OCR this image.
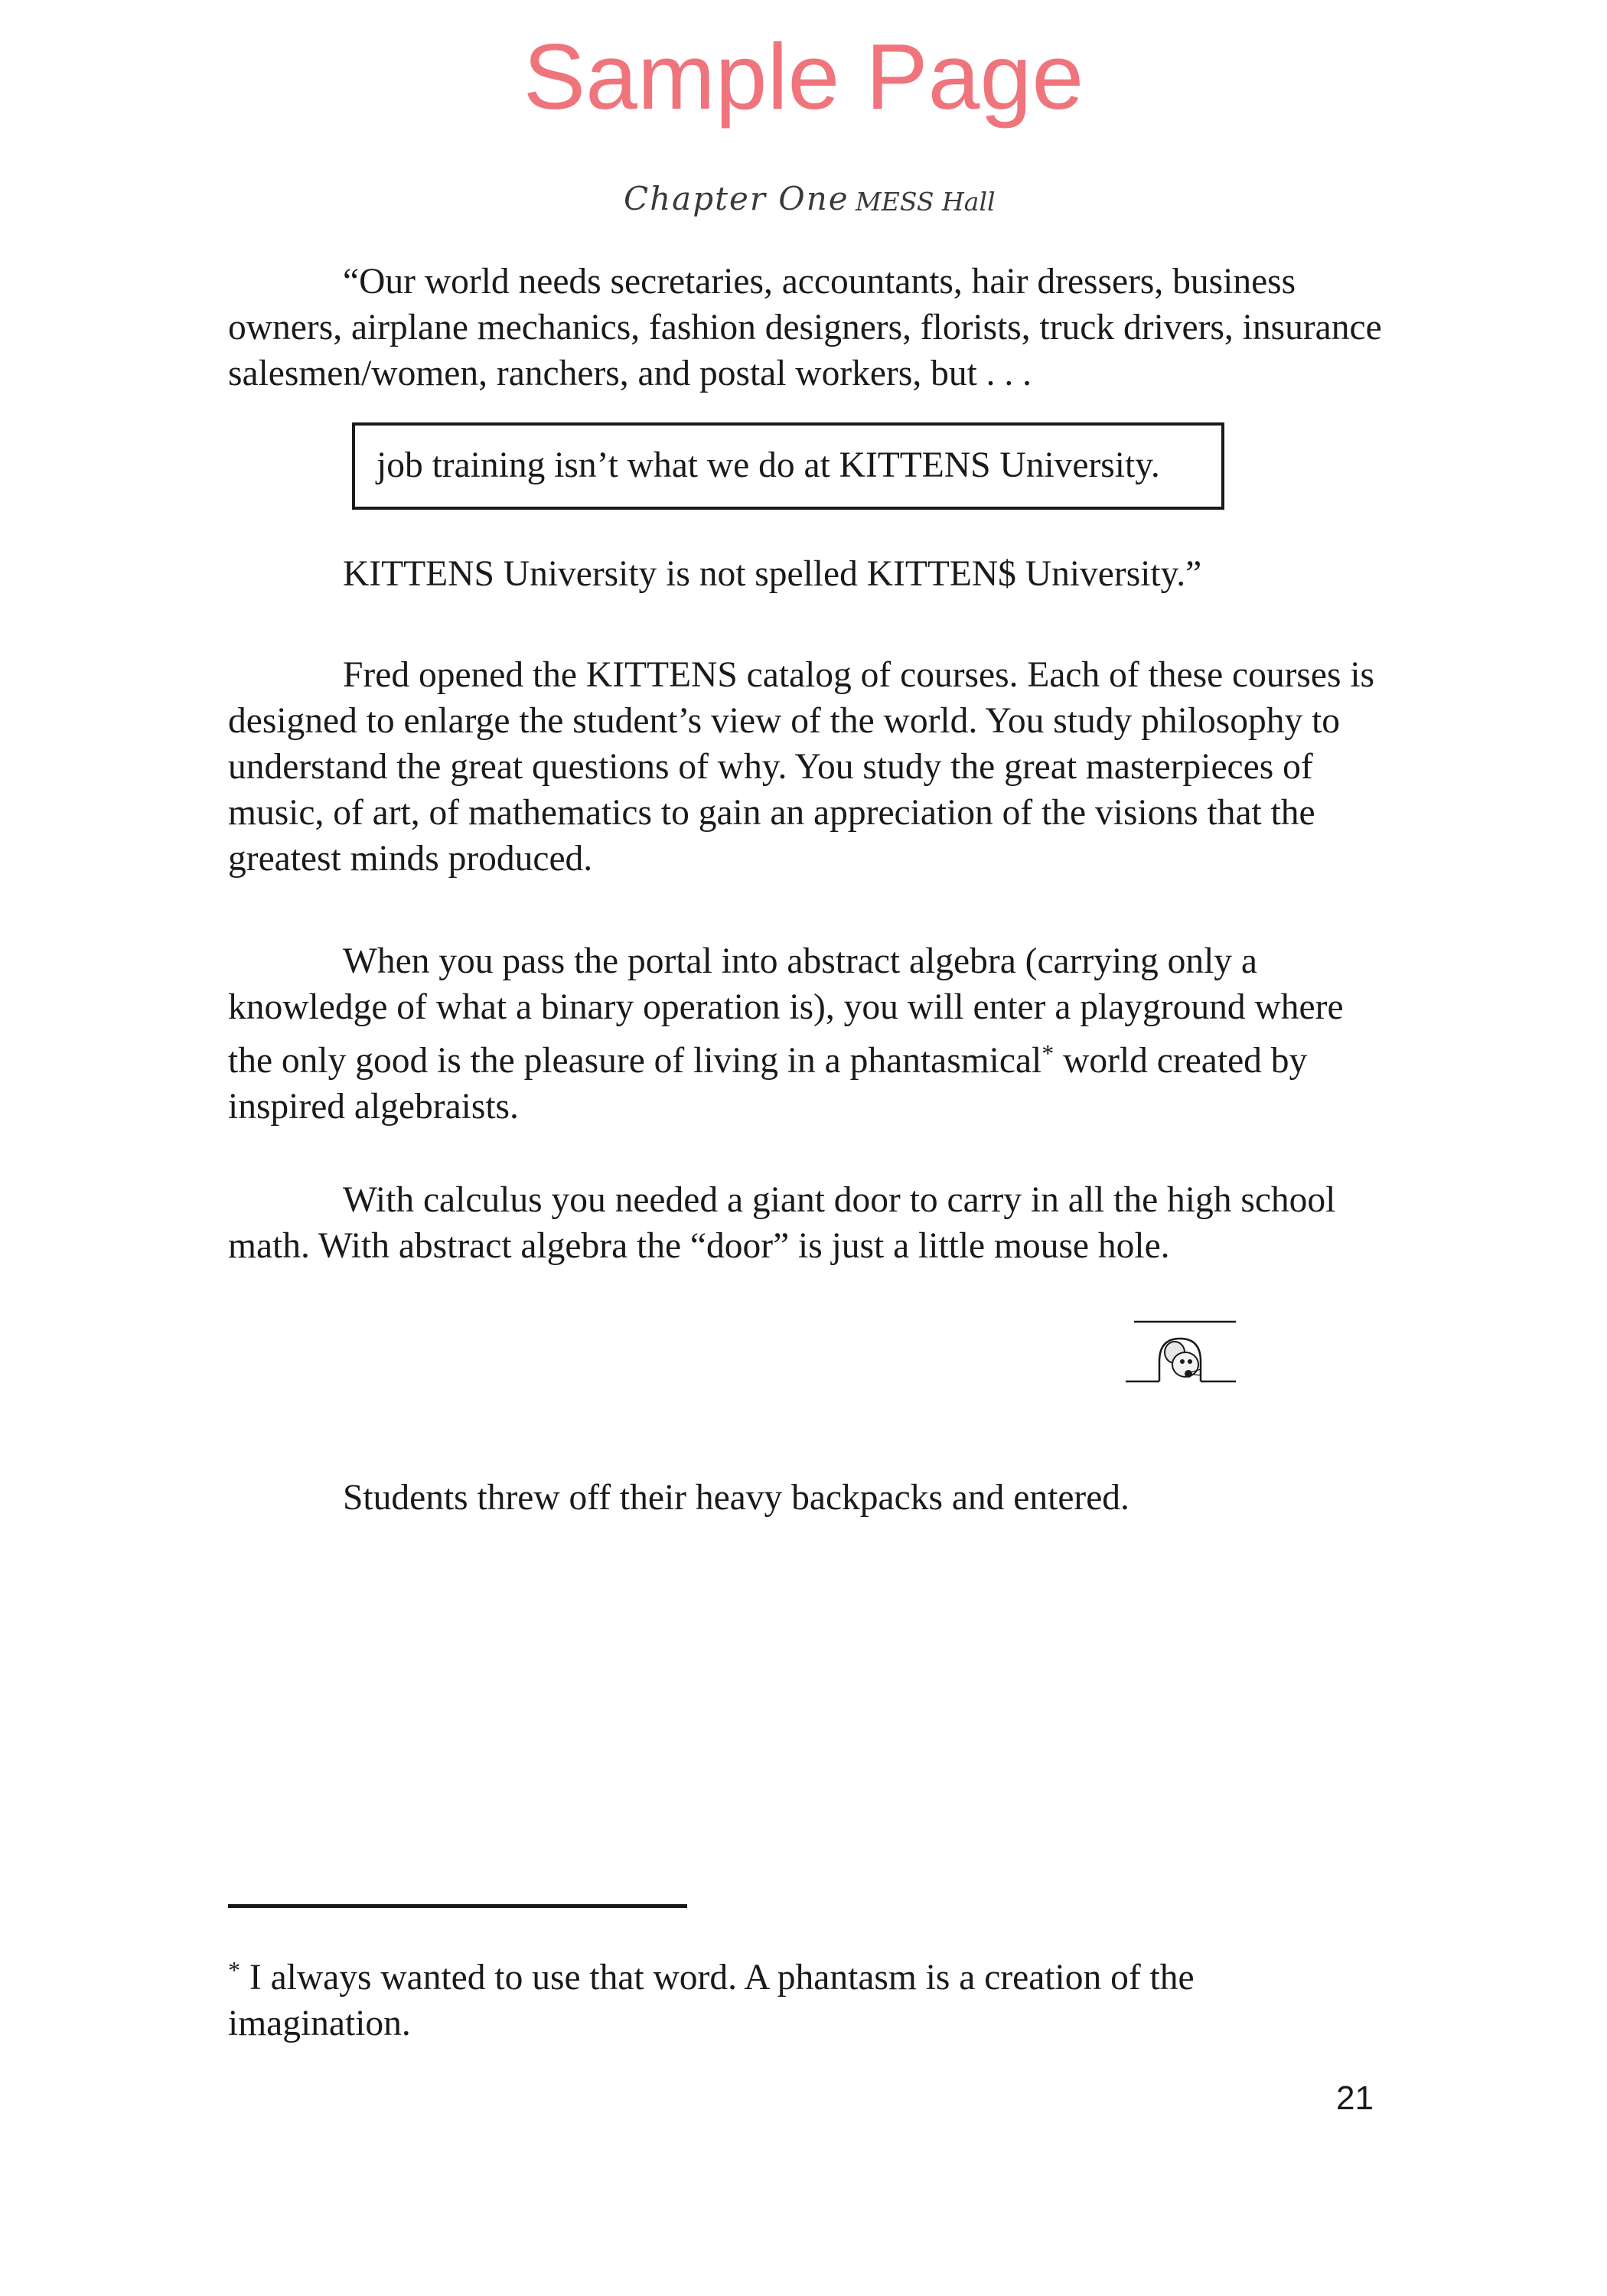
Sample Page
Chapter One MESS Hall

“Our world needs secretaries, accountants, hair dressers, business owners, airplane mechanics, fashion designers, florists, truck drivers, insurance salesmen/women, ranchers, and postal workers, but . . .

job training isn’t what we do at KITTENS University.

KITTENS University is not spelled KITTEN$ University.”

Fred opened the KITTENS catalog of courses. Each of these courses is designed to enlarge the student’s view of the world. You study philosophy to understand the great questions of why. You study the great masterpieces of music, of art, of mathematics to gain an appreciation of the visions that the greatest minds produced.

When you pass the portal into abstract algebra (carrying only a knowledge of what a binary operation is), you will enter a playground where the only good is the pleasure of living in a phantasmical* world created by inspired algebraists.

With calculus you needed a giant door to carry in all the high school math. With abstract algebra the “door” is just a little mouse hole.

Students threw off their heavy backpacks and entered.

* I always wanted to use that word. A phantasm is a creation of the imagination.

21
